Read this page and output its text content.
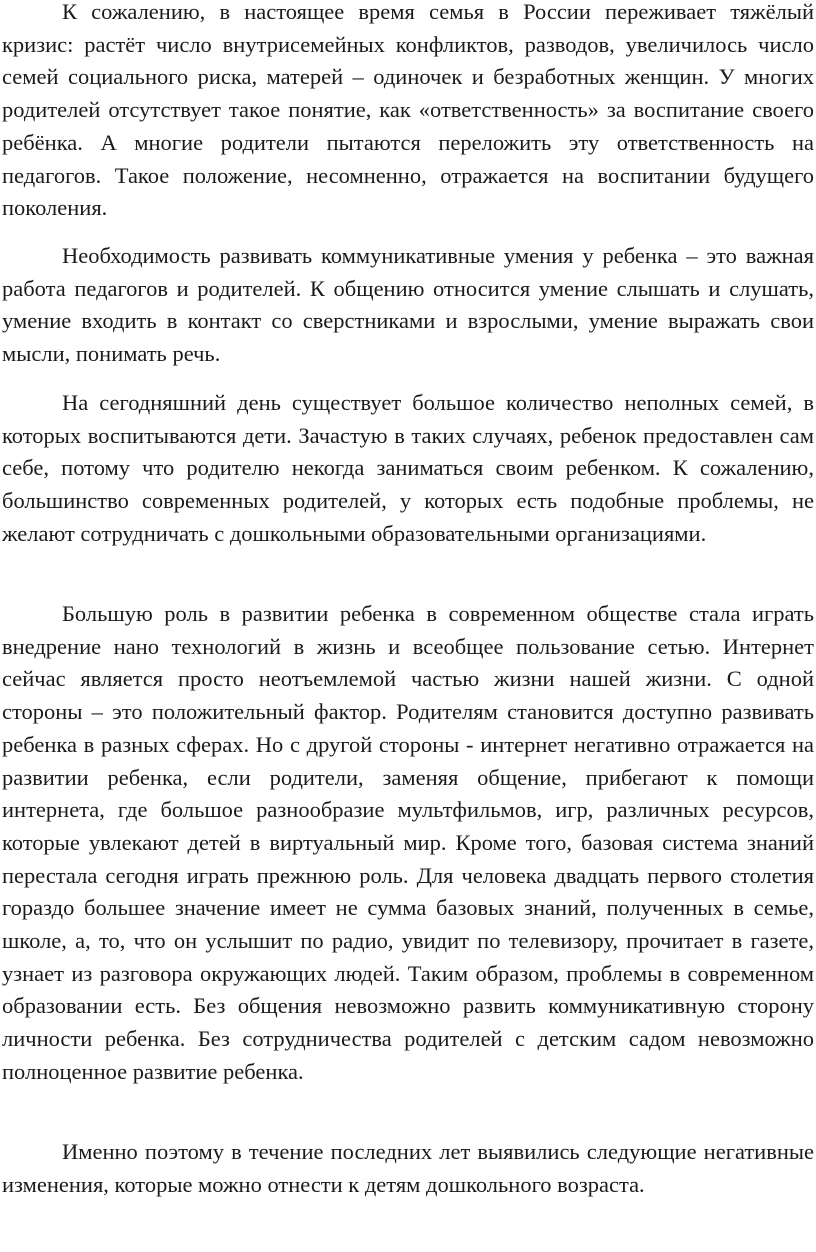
К сожалению, в настоящее время семья в России переживает тяжёлый кризис: растёт число внутрисемейных конфликтов, разводов, увеличилось число семей социального риска, матерей – одиночек и безработных женщин. У многих родителей отсутствует такое понятие, как «ответственность» за воспитание своего ребёнка. А многие родители пытаются переложить эту ответственность на педагогов. Такое положение, несомненно, отражается на воспитании будущего поколения.

Необходимость развивать коммуникативные умения у ребенка – это важная работа педагогов и родителей. К общению относится умение слышать и слушать, умение входить в контакт со сверстниками и взрослыми, умение выражать свои мысли, понимать речь.

На сегодняшний день существует большое количество неполных семей, в которых воспитываются дети. Зачастую в таких случаях, ребенок предоставлен сам себе, потому что родителю некогда заниматься своим ребенком. К сожалению, большинство современных родителей, у которых есть подобные проблемы, не желают сотрудничать с дошкольными образовательными организациями.

Большую роль в развитии ребенка в современном обществе стала играть внедрение нано технологий в жизнь и всеобщее пользование сетью. Интернет сейчас является просто неотъемлемой частью жизни нашей жизни. С одной стороны – это положительный фактор. Родителям становится доступно развивать ребенка в разных сферах. Но с другой стороны - интернет негативно отражается на развитии ребенка, если родители, заменяя общение, прибегают к помощи интернета, где большое разнообразие мультфильмов, игр, различных ресурсов, которые увлекают детей в виртуальный мир. Кроме того, базовая система знаний перестала сегодня играть прежнюю роль. Для человека двадцать первого столетия гораздо большее значение имеет не сумма базовых знаний, полученных в семье, школе, а, то, что он услышит по радио, увидит по телевизору, прочитает в газете, узнает из разговора окружающих людей. Таким образом, проблемы в современном образовании есть. Без общения невозможно развить коммуникативную сторону личности ребенка. Без сотрудничества родителей с детским садом невозможно полноценное развитие ребенка.

Именно поэтому в течение последних лет выявились следующие негативные изменения, которые можно отнести к детям дошкольного возраста.
